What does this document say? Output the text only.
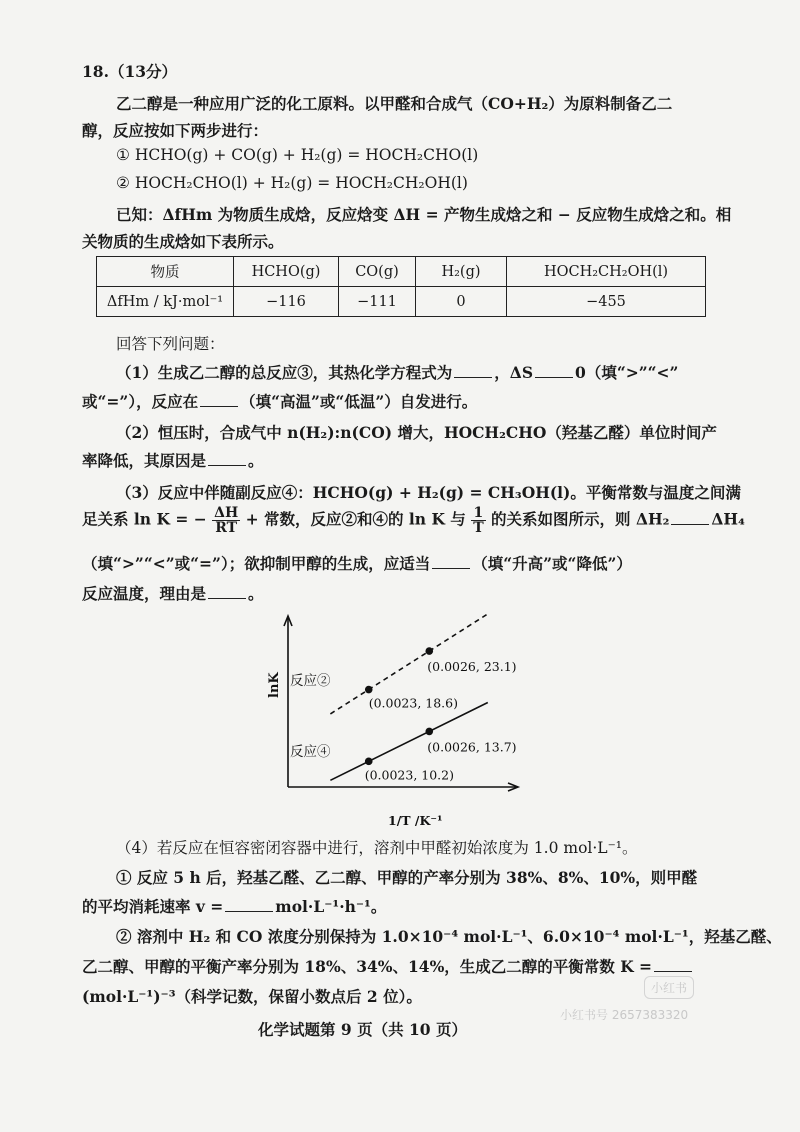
18.（13分）
乙二醇是一种应用广泛的化工原料。以甲醛和合成气（CO+H₂）为原料制备乙二
醇，反应按如下两步进行：
① HCHO(g) + CO(g) + H₂(g) = HOCH₂CHO(l)
② HOCH₂CHO(l) + H₂(g) = HOCH₂CH₂OH(l)
已知：ΔfHm 为物质生成焓，反应焓变 ΔH = 产物生成焓之和 − 反应物生成焓之和。相
关物质的生成焓如下表所示。
物质	HCHO(g)	CO(g)	H₂(g)	HOCH₂CH₂OH(l)
ΔfHm / kJ·mol⁻¹	−116	−111	0	−455
回答下列问题：
（1）生成乙二醇的总反应③，其热化学方程式为	，ΔS	0（填“>”“<”
或“=”），反应在	（填“高温”或“低温”）自发进行。
（2）恒压时，合成气中 n(H₂):n(CO) 增大，HOCH₂CHO（羟基乙醛）单位时间产
率降低，其原因是	。
（3）反应中伴随副反应④：HCHO(g) + H₂(g) = CH₃OH(l)。平衡常数与温度之间满
足关系 ln K = − $\frac{\Delta H}{RT}$ + 常数，反应②和④的 ln K 与 $\frac{1}{T}$ 的关系如图所示，则 ΔH₂	ΔH₄
（填“>”“<”或“=”）；欲抑制甲醇的生成，应适当	（填“升高”或“降低”）
反应温度，理由是	。
(0.0026, 23.1)
(0.0023, 18.6)
(0.0026, 13.7)
(0.0023, 10.2)
反应②
反应④
lnK
1/T /K⁻¹
（4）若反应在恒容密闭容器中进行，溶剂中甲醛初始浓度为 1.0 mol·L⁻¹。
① 反应 5 h 后，羟基乙醛、乙二醇、甲醇的产率分别为 38%、8%、10%，则甲醛
的平均消耗速率 v =	mol·L⁻¹·h⁻¹。
② 溶剂中 H₂ 和 CO 浓度分别保持为 1.0×10⁻⁴ mol·L⁻¹、6.0×10⁻⁴ mol·L⁻¹，羟基乙醛、
乙二醇、甲醇的平衡产率分别为 18%、34%、14%，生成乙二醇的平衡常数 K =
(mol·L⁻¹)⁻³（科学记数，保留小数点后 2 位）。
化学试题第 9 页（共 10 页）
小红书
小红书号 2657383320
